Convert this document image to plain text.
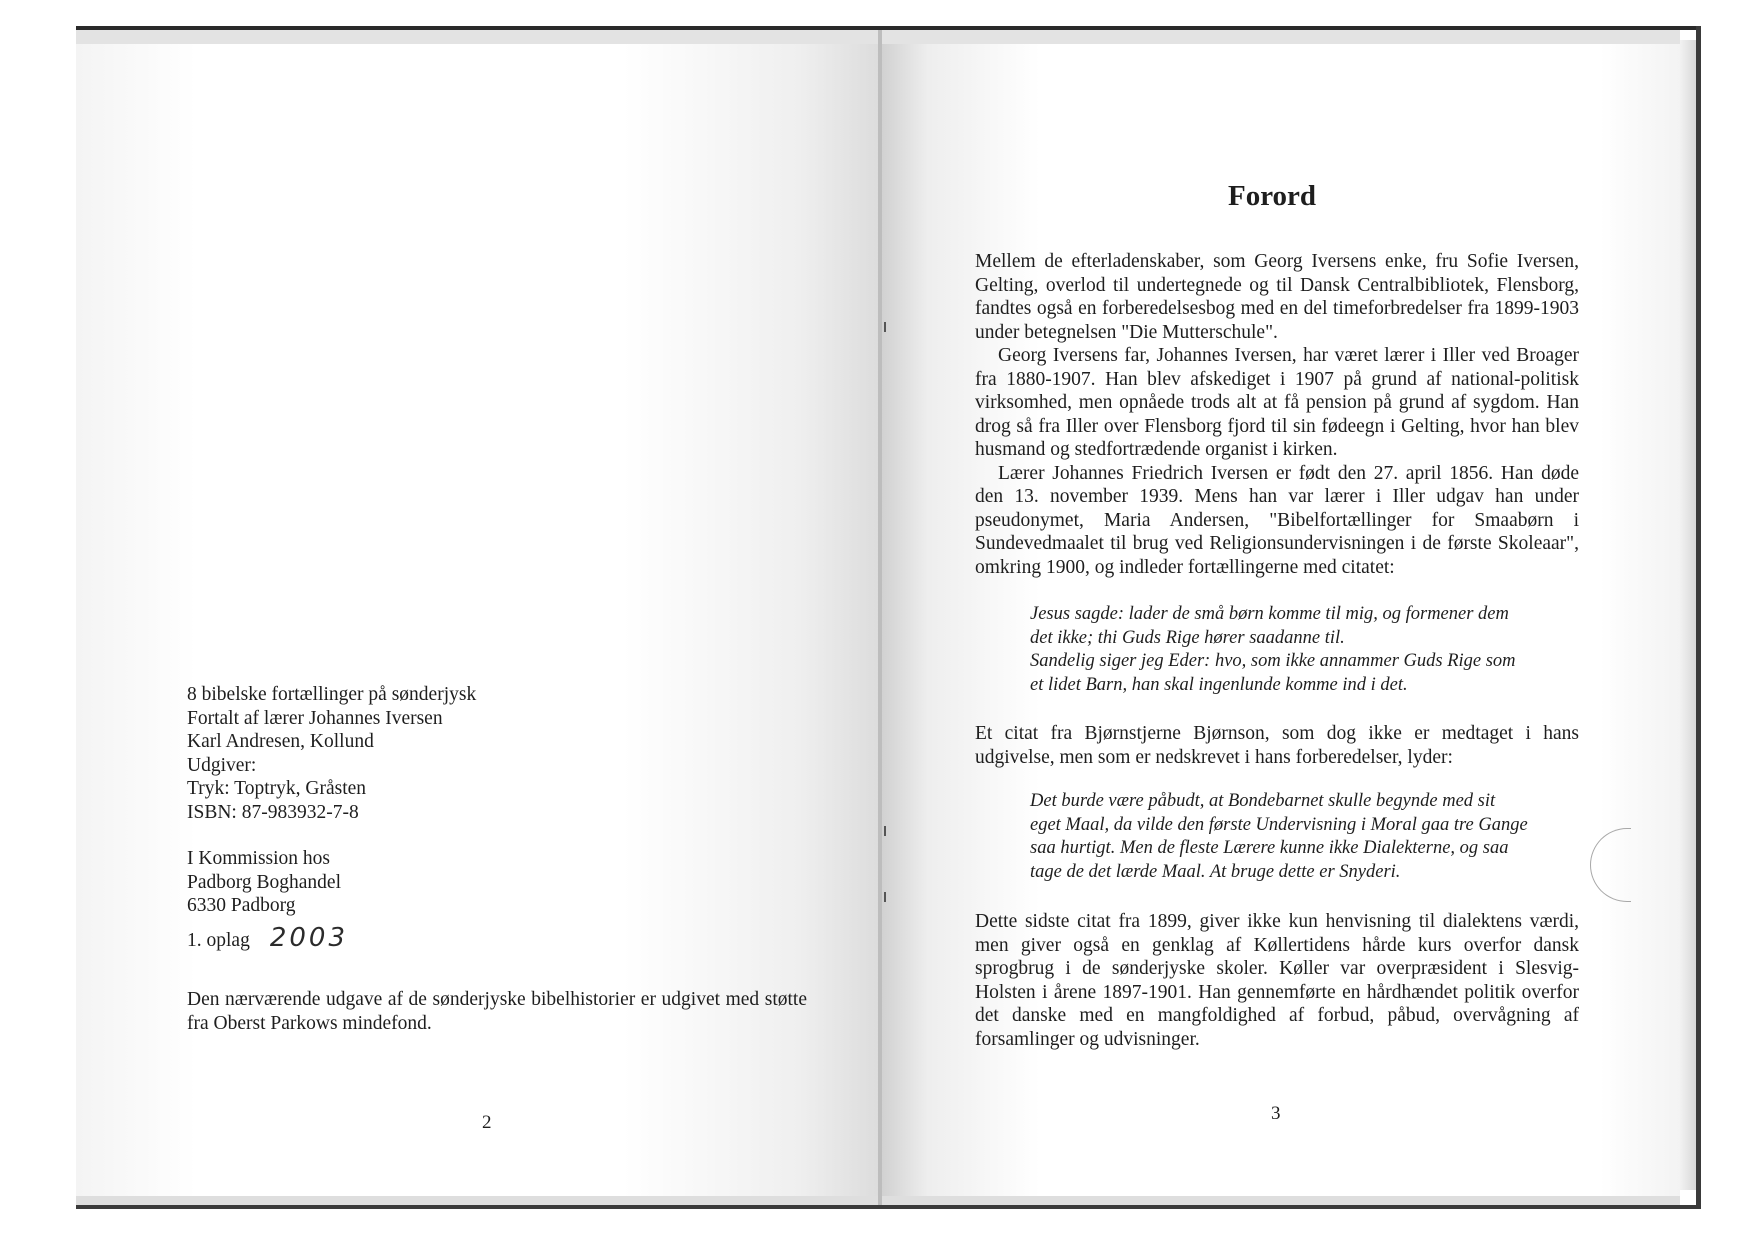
8 bibelske fortællinger på sønderjysk

Fortalt af lærer Johannes Iversen

Karl Andresen, Kollund

Udgiver:

Tryk: Toptryk, Gråsten

ISBN: 87-983932-7-8

I Kommission hos

Padborg Boghandel

6330 Padborg

1. oplag 2003

Den nærværende udgave af de sønderjyske bibelhistorier er udgivet med støtte fra Oberst Parkows mindefond.

2
Forord

Mellem de efterladenskaber, som Georg Iversens enke, fru Sofie Iversen, Gelting, overlod til undertegnede og til Dansk Centralbibliotek, Flensborg, fandtes også en forberedelsesbog med en del timeforbredelser fra 1899-1903 under betegnelsen "Die Mutterschule".

Georg Iversens far, Johannes Iversen, har været lærer i Iller ved Broager fra 1880-1907. Han blev afskediget i 1907 på grund af national-politisk virksomhed, men opnåede trods alt at få pension på grund af sygdom. Han drog så fra Iller over Flensborg fjord til sin fødeegn i Gelting, hvor han blev husmand og stedfortrædende organist i kirken.

Lærer Johannes Friedrich Iversen er født den 27. april 1856. Han døde den 13. november 1939. Mens han var lærer i Iller udgav han under pseudonymet, Maria Andersen, "Bibelfortællinger for Smaabørn i Sundevedmaalet til brug ved Religionsundervisningen i de første Skoleaar", omkring 1900, og indleder fortællingerne med citatet:

Jesus sagde: lader de små børn komme til mig, og formener dem det ikke; thi Guds Rige hører saadanne til.

Sandelig siger jeg Eder: hvo, som ikke annammer Guds Rige som et lidet Barn, han skal ingenlunde komme ind i det.

Et citat fra Bjørnstjerne Bjørnson, som dog ikke er medtaget i hans udgivelse, men som er nedskrevet i hans forberedelser, lyder:

Det burde være påbudt, at Bondebarnet skulle begynde med sit eget Maal, da vilde den første Undervisning i Moral gaa tre Gange saa hurtigt. Men de fleste Lærere kunne ikke Dialekterne, og saa tage de det lærde Maal. At bruge dette er Snyderi.

Dette sidste citat fra 1899, giver ikke kun henvisning til dialektens værdi, men giver også en genklag af Køllertidens hårde kurs overfor dansk sprogbrug i de sønderjyske skoler. Køller var overpræsident i Slesvig-Holsten i årene 1897-1901. Han gennemførte en hårdhændet politik overfor det danske med en mangfoldighed af forbud, påbud, overvågning af forsamlinger og udvisninger.

3
